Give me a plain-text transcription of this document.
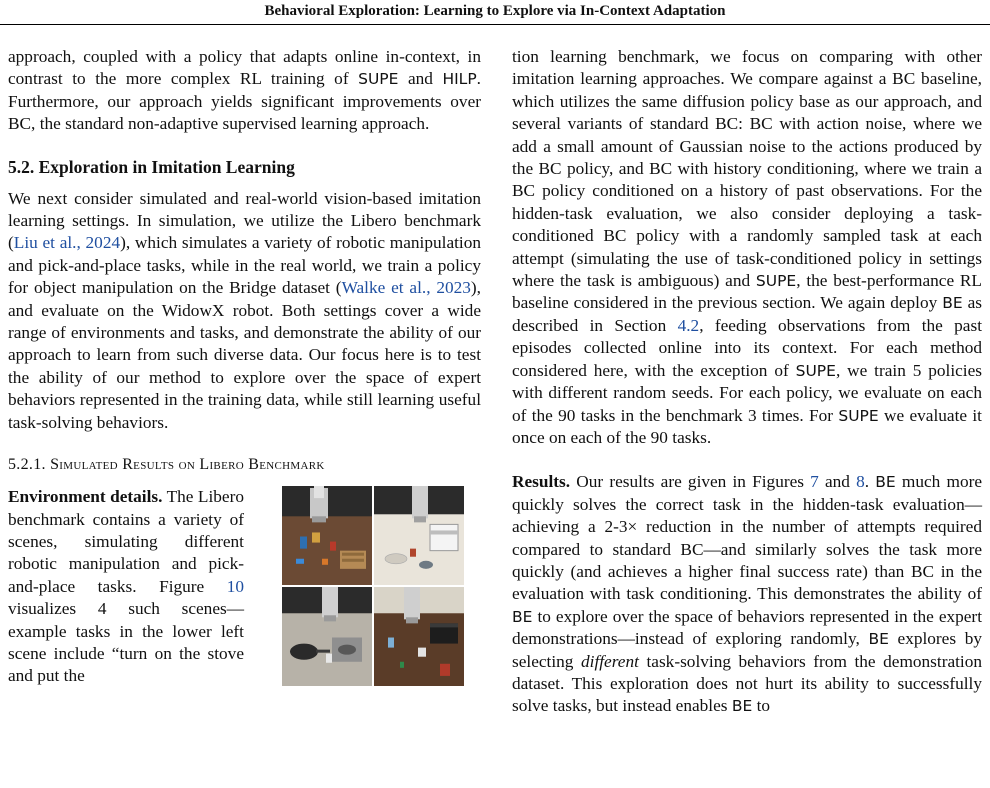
Behavioral Exploration: Learning to Explore via In-Context Adaptation

approach, coupled with a policy that adapts online in-context, in contrast to the more complex RL training of SUPE and HILP. Furthermore, our approach yields significant improvements over BC, the standard non-adaptive supervised learning approach.

5.2. Exploration in Imitation Learning

We next consider simulated and real-world vision-based imitation learning settings. In simulation, we utilize the Libero benchmark (Liu et al., 2024), which simulates a variety of robotic manipulation and pick-and-place tasks, while in the real world, we train a policy for object manipulation on the Bridge dataset (Walke et al., 2023), and evaluate on the WidowX robot. Both settings cover a wide range of environments and tasks, and demonstrate the ability of our approach to learn from such diverse data. Our focus here is to test the ability of our method to explore over the space of expert behaviors represented in the training data, while still learning useful task-solving behaviors.

5.2.1. Simulated Results on Libero Benchmark

Environment details. The Libero benchmark contains a variety of scenes, simulating different robotic manipulation and pick-and-place tasks. Figure 10 visualizes 4 such scenes—example tasks in the lower left scene include “turn on the stove and put the

tion learning benchmark, we focus on comparing with other imitation learning approaches. We compare against a BC baseline, which utilizes the same diffusion policy base as our approach, and several variants of standard BC: BC with action noise, where we add a small amount of Gaussian noise to the actions produced by the BC policy, and BC with history conditioning, where we train a BC policy conditioned on a history of past observations. For the hidden-task evaluation, we also consider deploying a task-conditioned BC policy with a randomly sampled task at each attempt (simulating the use of task-conditioned policy in settings where the task is ambiguous) and SUPE, the best-performance RL baseline considered in the previous section. We again deploy BE as described in Section 4.2, feeding observations from the past episodes collected online into its context. For each method considered here, with the exception of SUPE, we train 5 policies with different random seeds. For each policy, we evaluate on each of the 90 tasks in the benchmark 3 times. For SUPE we evaluate it once on each of the 90 tasks.

Results. Our results are given in Figures 7 and 8. BE much more quickly solves the correct task in the hidden-task evaluation—achieving a 2-3× reduction in the number of attempts required compared to standard BC—and similarly solves the task more quickly (and achieves a higher final success rate) than BC in the evaluation with task conditioning. This demonstrates the ability of BE to explore over the space of behaviors represented in the expert demonstrations—instead of exploring randomly, BE explores by selecting different task-solving behaviors from the demonstration dataset. This exploration does not hurt its ability to successfully solve tasks, but instead enables BE to
